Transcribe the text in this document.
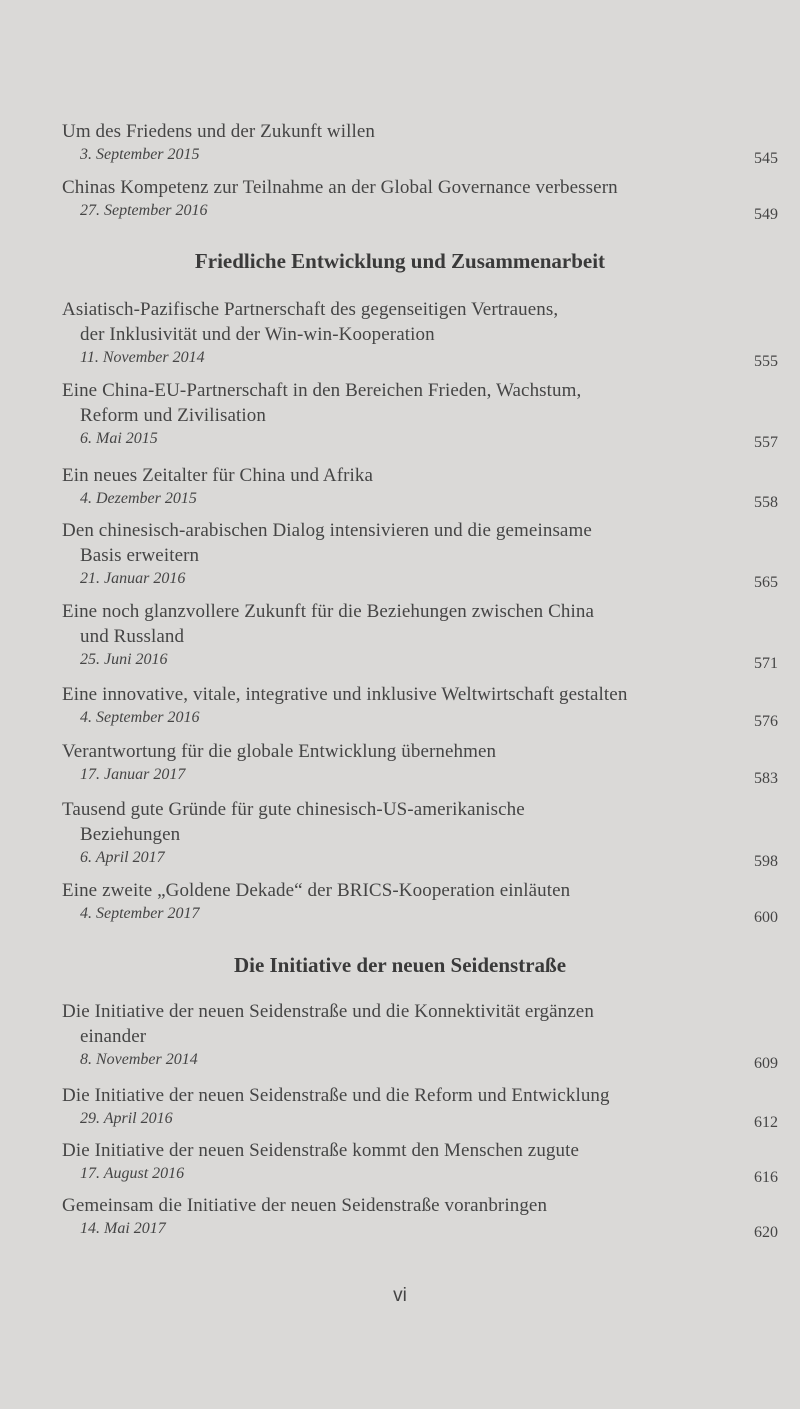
Um des Friedens und der Zukunft willen
3. September 2015	545
Chinas Kompetenz zur Teilnahme an der Global Governance verbessern
27. September 2016	549
Friedliche Entwicklung und Zusammenarbeit
Asiatisch-Pazifische Partnerschaft des gegenseitigen Vertrauens,
der Inklusivität und der Win-win-Kooperation
11. November 2014	555
Eine China-EU-Partnerschaft in den Bereichen Frieden, Wachstum,
Reform und Zivilisation
6. Mai 2015	557
Ein neues Zeitalter für China und Afrika
4. Dezember 2015	558
Den chinesisch-arabischen Dialog intensivieren und die gemeinsame
Basis erweitern
21. Januar 2016	565
Eine noch glanzvollere Zukunft für die Beziehungen zwischen China
und Russland
25. Juni 2016	571
Eine innovative, vitale, integrative und inklusive Weltwirtschaft gestalten
4. September 2016	576
Verantwortung für die globale Entwicklung übernehmen
17. Januar 2017	583
Tausend gute Gründe für gute chinesisch-US-amerikanische
Beziehungen
6. April 2017	598
Eine zweite „Goldene Dekade“ der BRICS-Kooperation einläuten
4. September 2017	600
Die Initiative der neuen Seidenstraße
Die Initiative der neuen Seidenstraße und die Konnektivität ergänzen
einander
8. November 2014	609
Die Initiative der neuen Seidenstraße und die Reform und Entwicklung
29. April 2016	612
Die Initiative der neuen Seidenstraße kommt den Menschen zugute
17. August 2016	616
Gemeinsam die Initiative der neuen Seidenstraße voranbringen
14. Mai 2017	620
vi
